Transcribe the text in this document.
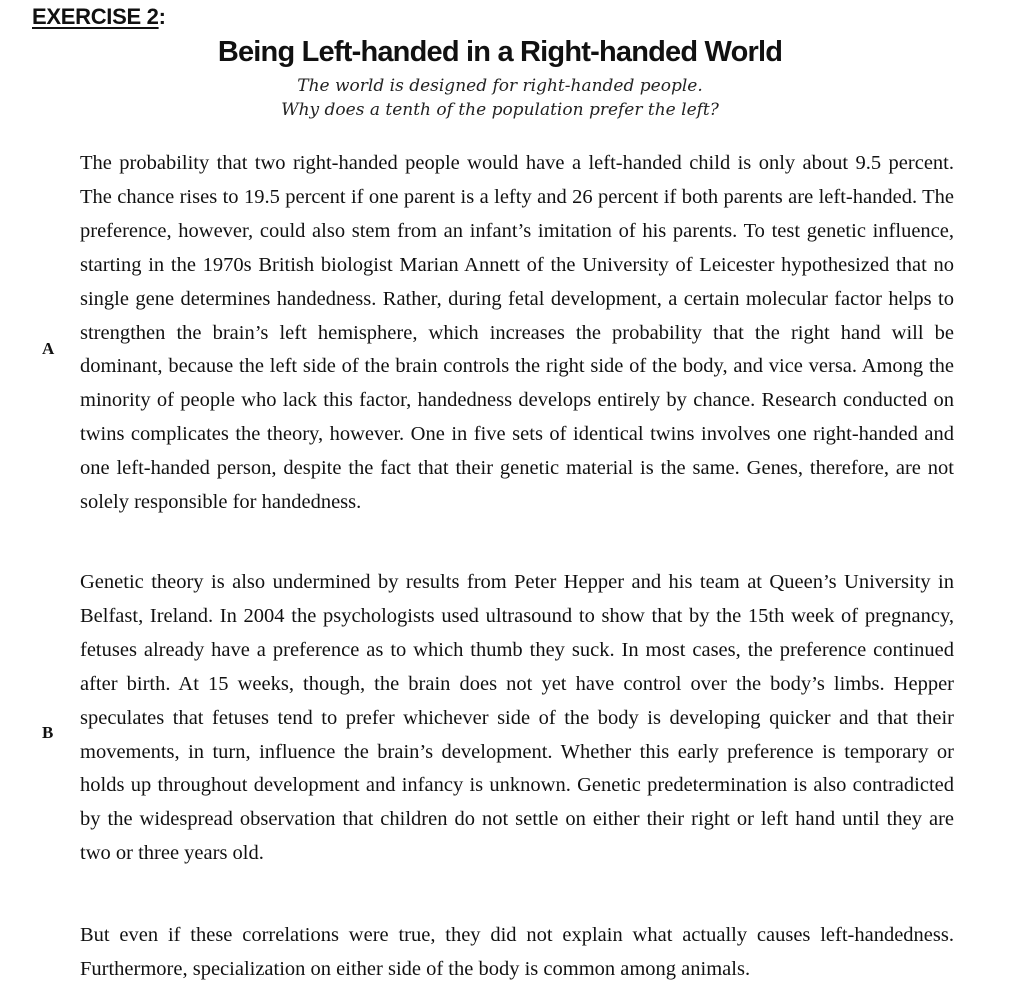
EXERCISE 2:

Being Left-handed in a Right-handed World

The world is designed for right-handed people.

Why does a tenth of the population prefer the left?

A

The probability that two right-handed people would have a left-handed child is only about 9.5 percent. The chance rises to 19.5 percent if one parent is a lefty and 26 percent if both parents are left-handed. The preference, however, could also stem from an infant’s imitation of his parents. To test genetic influence, starting in the 1970s British biologist Marian Annett of the University of Leicester hypothesized that no single gene determines handedness. Rather, during fetal development, a certain molecular factor helps to strengthen the brain’s left hemisphere, which increases the probability that the right hand will be dominant, because the left side of the brain controls the right side of the body, and vice versa. Among the minority of people who lack this factor, handedness develops entirely by chance. Research conducted on twins complicates the theory, however. One in five sets of identical twins involves one right-handed and one left-handed person, despite the fact that their genetic material is the same. Genes, therefore, are not solely responsible for handedness.

B

Genetic theory is also undermined by results from Peter Hepper and his team at Queen’s University in Belfast, Ireland. In 2004 the psychologists used ultrasound to show that by the 15th week of pregnancy, fetuses already have a preference as to which thumb they suck. In most cases, the preference continued after birth. At 15 weeks, though, the brain does not yet have control over the body’s limbs. Hepper speculates that fetuses tend to prefer whichever side of the body is developing quicker and that their movements, in turn, influence the brain’s development. Whether this early preference is temporary or holds up throughout development and infancy is unknown. Genetic predetermination is also contradicted by the widespread observation that children do not settle on either their right or left hand until they are two or three years old.

But even if these correlations were true, they did not explain what actually causes left-handedness. Furthermore, specialization on either side of the body is common among animals.
